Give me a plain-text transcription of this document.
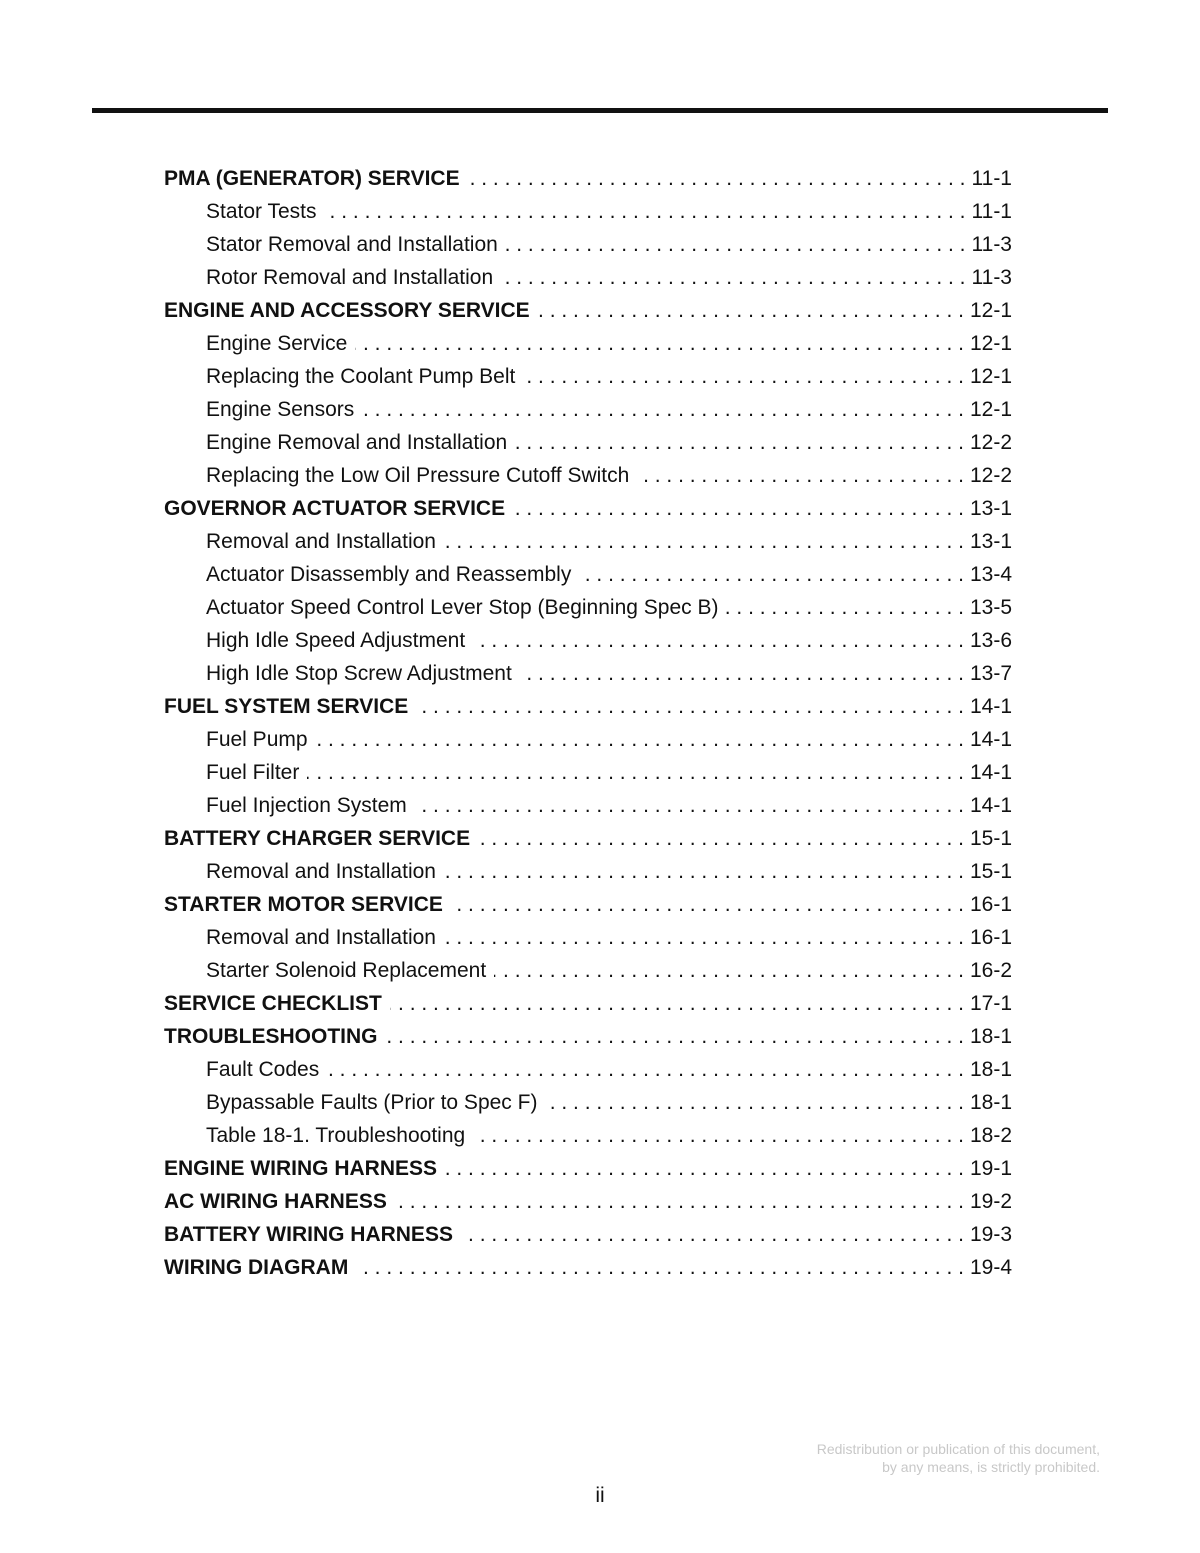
PMA (GENERATOR) SERVICE . . .	11-1
Stator Tests . . .	11-1
Stator Removal and Installation . . .	11-3
Rotor Removal and Installation . . .	11-3
ENGINE AND ACCESSORY SERVICE . . .	12-1
Engine Service . . .	12-1
Replacing the Coolant Pump Belt . . .	12-1
Engine Sensors . . .	12-1
Engine Removal and Installation . . .	12-2
Replacing the Low Oil Pressure Cutoff Switch . . .	12-2
GOVERNOR ACTUATOR SERVICE . . .	13-1
Removal and Installation . . .	13-1
Actuator Disassembly and Reassembly . . .	13-4
Actuator Speed Control Lever Stop (Beginning Spec B) . . .	13-5
High Idle Speed Adjustment . . .	13-6
High Idle Stop Screw Adjustment . . .	13-7
FUEL SYSTEM SERVICE . . .	14-1
Fuel Pump . . .	14-1
Fuel Filter . . .	14-1
Fuel Injection System . . .	14-1
BATTERY CHARGER SERVICE . . .	15-1
Removal and Installation . . .	15-1
STARTER MOTOR SERVICE . . .	16-1
Removal and Installation . . .	16-1
Starter Solenoid Replacement . . .	16-2
SERVICE CHECKLIST . . .	17-1
TROUBLESHOOTING . . .	18-1
Fault Codes . . .	18-1
Bypassable Faults (Prior to Spec F) . . .	18-1
Table 18-1. Troubleshooting . . .	18-2
ENGINE WIRING HARNESS . . .	19-1
AC WIRING HARNESS . . .	19-2
BATTERY WIRING HARNESS . . .	19-3
WIRING DIAGRAM . . .	19-4
Redistribution or publication of this document,
by any means, is strictly prohibited.
ii
